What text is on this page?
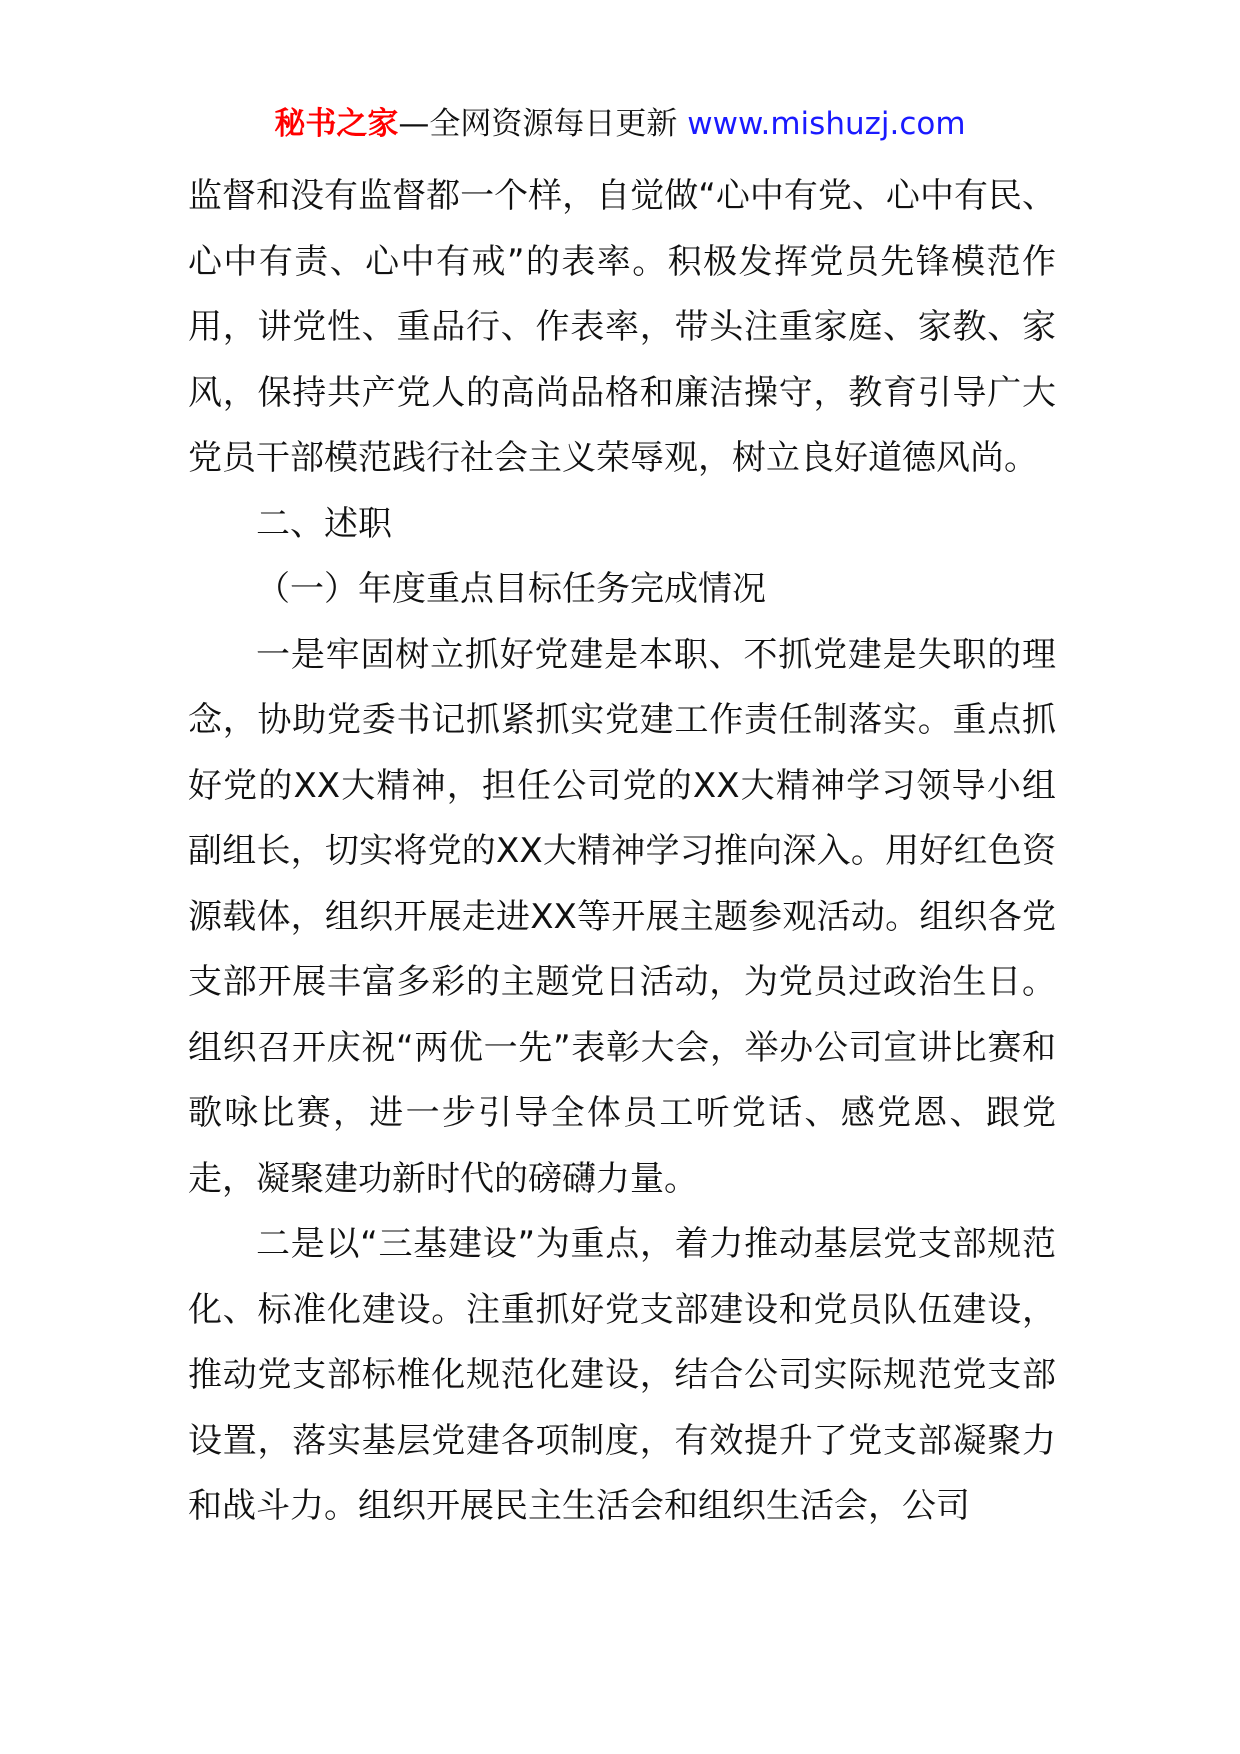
秘书之家—全网资源每日更新 www.mishuzj.com

监督和没有监督都一个样，自觉做“心中有党、心中有民、心中有责、心中有戒”的表率。积极发挥党员先锋模范作用，讲党性、重品行、作表率，带头注重家庭、家教、家风，保持共产党人的高尚品格和廉洁操守，教育引导广大党员干部模范践行社会主义荣辱观，树立良好道德风尚。

二、述职

（一）年度重点目标任务完成情况

一是牢固树立抓好党建是本职、不抓党建是失职的理念，协助党委书记抓紧抓实党建工作责任制落实。重点抓好党的XX大精神，担任公司党的XX大精神学习领导小组副组长，切实将党的XX大精神学习推向深入。用好红色资源载体，组织开展走进XX等开展主题参观活动。组织各党支部开展丰富多彩的主题党日活动，为党员过政治生日。组织召开庆祝“两优一先”表彰大会，举办公司宣讲比赛和歌咏比赛，进一步引导全体员工听党话、感党恩、跟党走，凝聚建功新时代的磅礴力量。

二是以“三基建设”为重点，着力推动基层党支部规范化、标准化建设。注重抓好党支部建设和党员队伍建设，推动党支部标椎化规范化建设，结合公司实际规范党支部设置，落实基层党建各项制度，有效提升了党支部凝聚力和战斗力。组织开展民主生活会和组织生活会，公司
